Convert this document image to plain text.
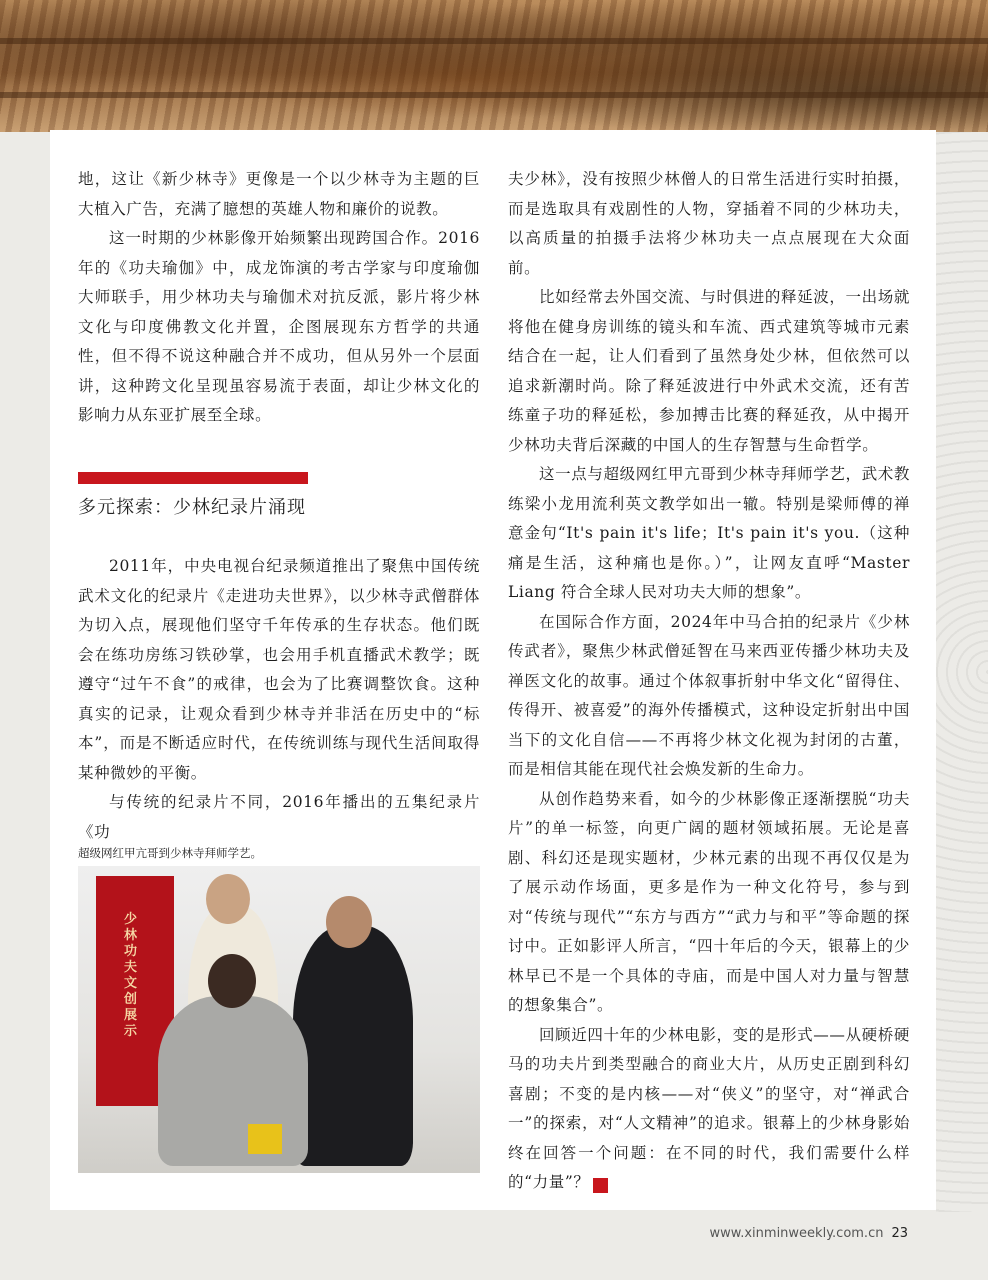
地，这让《新少林寺》更像是一个以少林寺为主题的巨大植入广告，充满了臆想的英雄人物和廉价的说教。

这一时期的少林影像开始频繁出现跨国合作。2016年的《功夫瑜伽》中，成龙饰演的考古学家与印度瑜伽大师联手，用少林功夫与瑜伽术对抗反派，影片将少林文化与印度佛教文化并置，企图展现东方哲学的共通性，但不得不说这种融合并不成功，但从另外一个层面讲，这种跨文化呈现虽容易流于表面，却让少林文化的影响力从东亚扩展至全球。

多元探索：少林纪录片涌现

2011年，中央电视台纪录频道推出了聚焦中国传统武术文化的纪录片《走进功夫世界》，以少林寺武僧群体为切入点，展现他们坚守千年传承的生存状态。他们既会在练功房练习铁砂掌，也会用手机直播武术教学；既遵守“过午不食”的戒律，也会为了比赛调整饮食。这种真实的记录，让观众看到少林寺并非活在历史中的“标本”，而是不断适应时代，在传统训练与现代生活间取得某种微妙的平衡。

与传统的纪录片不同，2016年播出的五集纪录片《功

超级网红甲亢哥到少林寺拜师学艺。
少林功夫文创展示

夫少林》，没有按照少林僧人的日常生活进行实时拍摄，而是选取具有戏剧性的人物，穿插着不同的少林功夫，以高质量的拍摄手法将少林功夫一点点展现在大众面前。

比如经常去外国交流、与时俱进的释延波，一出场就将他在健身房训练的镜头和车流、西式建筑等城市元素结合在一起，让人们看到了虽然身处少林，但依然可以追求新潮时尚。除了释延波进行中外武术交流，还有苦练童子功的释延松，参加搏击比赛的释延孜，从中揭开少林功夫背后深藏的中国人的生存智慧与生命哲学。

这一点与超级网红甲亢哥到少林寺拜师学艺，武术教练梁小龙用流利英文教学如出一辙。特别是梁师傅的禅意金句“It's pain it's life；It's pain it's you.（这种痛是生活，这种痛也是你。）”，让网友直呼“Master Liang 符合全球人民对功夫大师的想象”。

在国际合作方面，2024年中马合拍的纪录片《少林传武者》，聚焦少林武僧延智在马来西亚传播少林功夫及禅医文化的故事。通过个体叙事折射中华文化“留得住、传得开、被喜爱”的海外传播模式，这种设定折射出中国当下的文化自信——不再将少林文化视为封闭的古董，而是相信其能在现代社会焕发新的生命力。

从创作趋势来看，如今的少林影像正逐渐摆脱“功夫片”的单一标签，向更广阔的题材领域拓展。无论是喜剧、科幻还是现实题材，少林元素的出现不再仅仅是为了展示动作场面，更多是作为一种文化符号，参与到对“传统与现代”“东方与西方”“武力与和平”等命题的探讨中。正如影评人所言，“四十年后的今天，银幕上的少林早已不是一个具体的寺庙，而是中国人对力量与智慧的想象集合”。

回顾近四十年的少林电影，变的是形式——从硬桥硬马的功夫片到类型融合的商业大片，从历史正剧到科幻喜剧；不变的是内核——对“侠义”的坚守，对“禅武合一”的探索，对“人文精神”的追求。银幕上的少林身影始终在回答一个问题：在不同的时代，我们需要什么样的“力量”？	民

www.xinminweekly.com.cn 23
